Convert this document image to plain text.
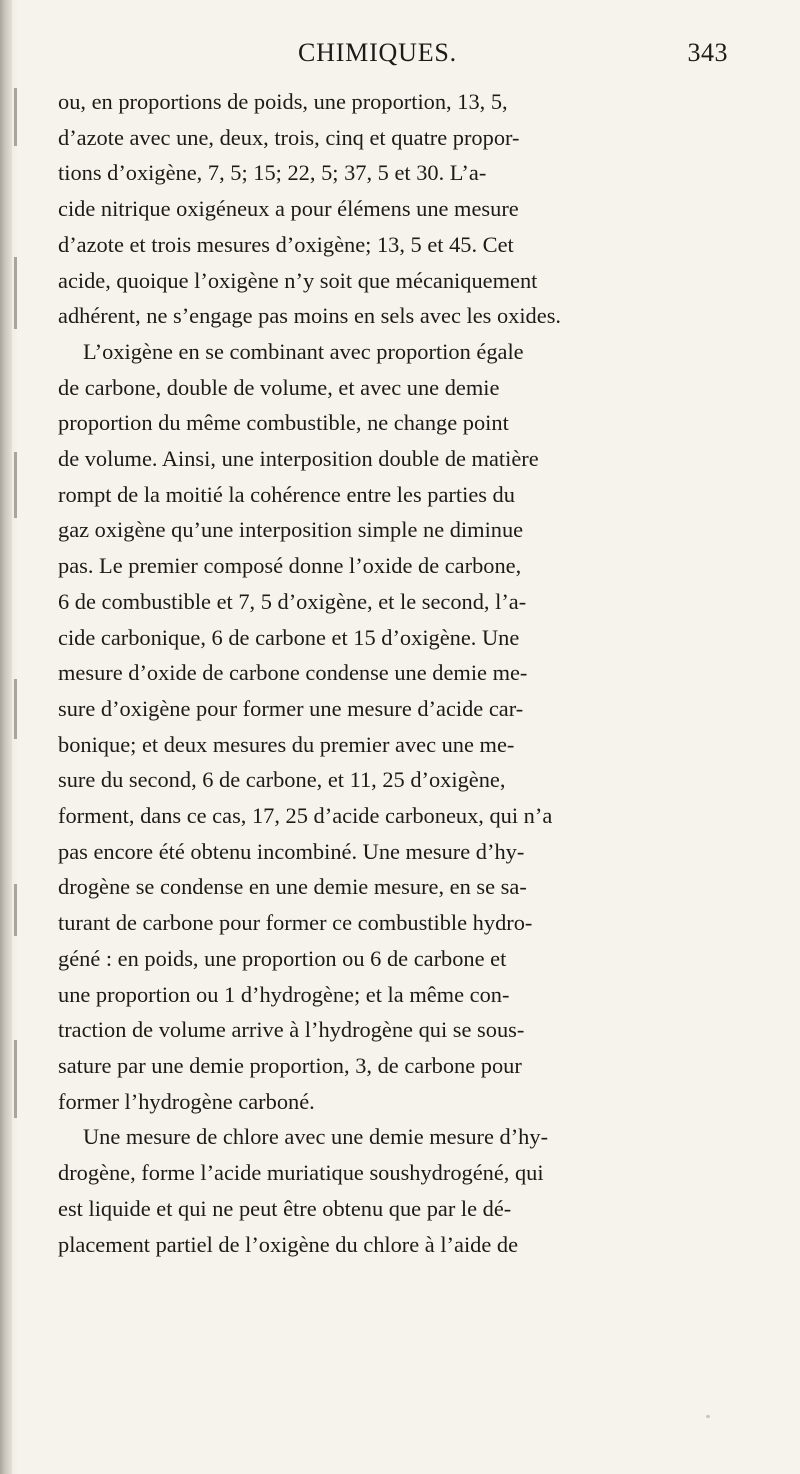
CHIMIQUES.	343
ou, en proportions de poids, une proportion, 13, 5,
d’azote avec une, deux, trois, cinq et quatre propor-
tions d’oxigène, 7, 5; 15; 22, 5; 37, 5 et 30. L’a-
cide nitrique oxigéneux a pour élémens une mesure
d’azote et trois mesures d’oxigène; 13, 5 et 45. Cet
acide, quoique l’oxigène n’y soit que mécaniquement
adhérent, ne s’engage pas moins en sels avec les oxides.
L’oxigène en se combinant avec proportion égale
de carbone, double de volume, et avec une demie
proportion du même combustible, ne change point
de volume. Ainsi, une interposition double de matière
rompt de la moitié la cohérence entre les parties du
gaz oxigène qu’une interposition simple ne diminue
pas. Le premier composé donne l’oxide de carbone,
6 de combustible et 7, 5 d’oxigène, et le second, l’a-
cide carbonique, 6 de carbone et 15 d’oxigène. Une
mesure d’oxide de carbone condense une demie me-
sure d’oxigène pour former une mesure d’acide car-
bonique; et deux mesures du premier avec une me-
sure du second, 6 de carbone, et 11, 25 d’oxigène,
forment, dans ce cas, 17, 25 d’acide carboneux, qui n’a
pas encore été obtenu incombiné. Une mesure d’hy-
drogène se condense en une demie mesure, en se sa-
turant de carbone pour former ce combustible hydro-
géné : en poids, une proportion ou 6 de carbone et
une proportion ou 1 d’hydrogène; et la même con-
traction de volume arrive à l’hydrogène qui se sous-
sature par une demie proportion, 3, de carbone pour
former l’hydrogène carboné.
Une mesure de chlore avec une demie mesure d’hy-
drogène, forme l’acide muriatique soushydrogéné, qui
est liquide et qui ne peut être obtenu que par le dé-
placement partiel de l’oxigène du chlore à l’aide de
